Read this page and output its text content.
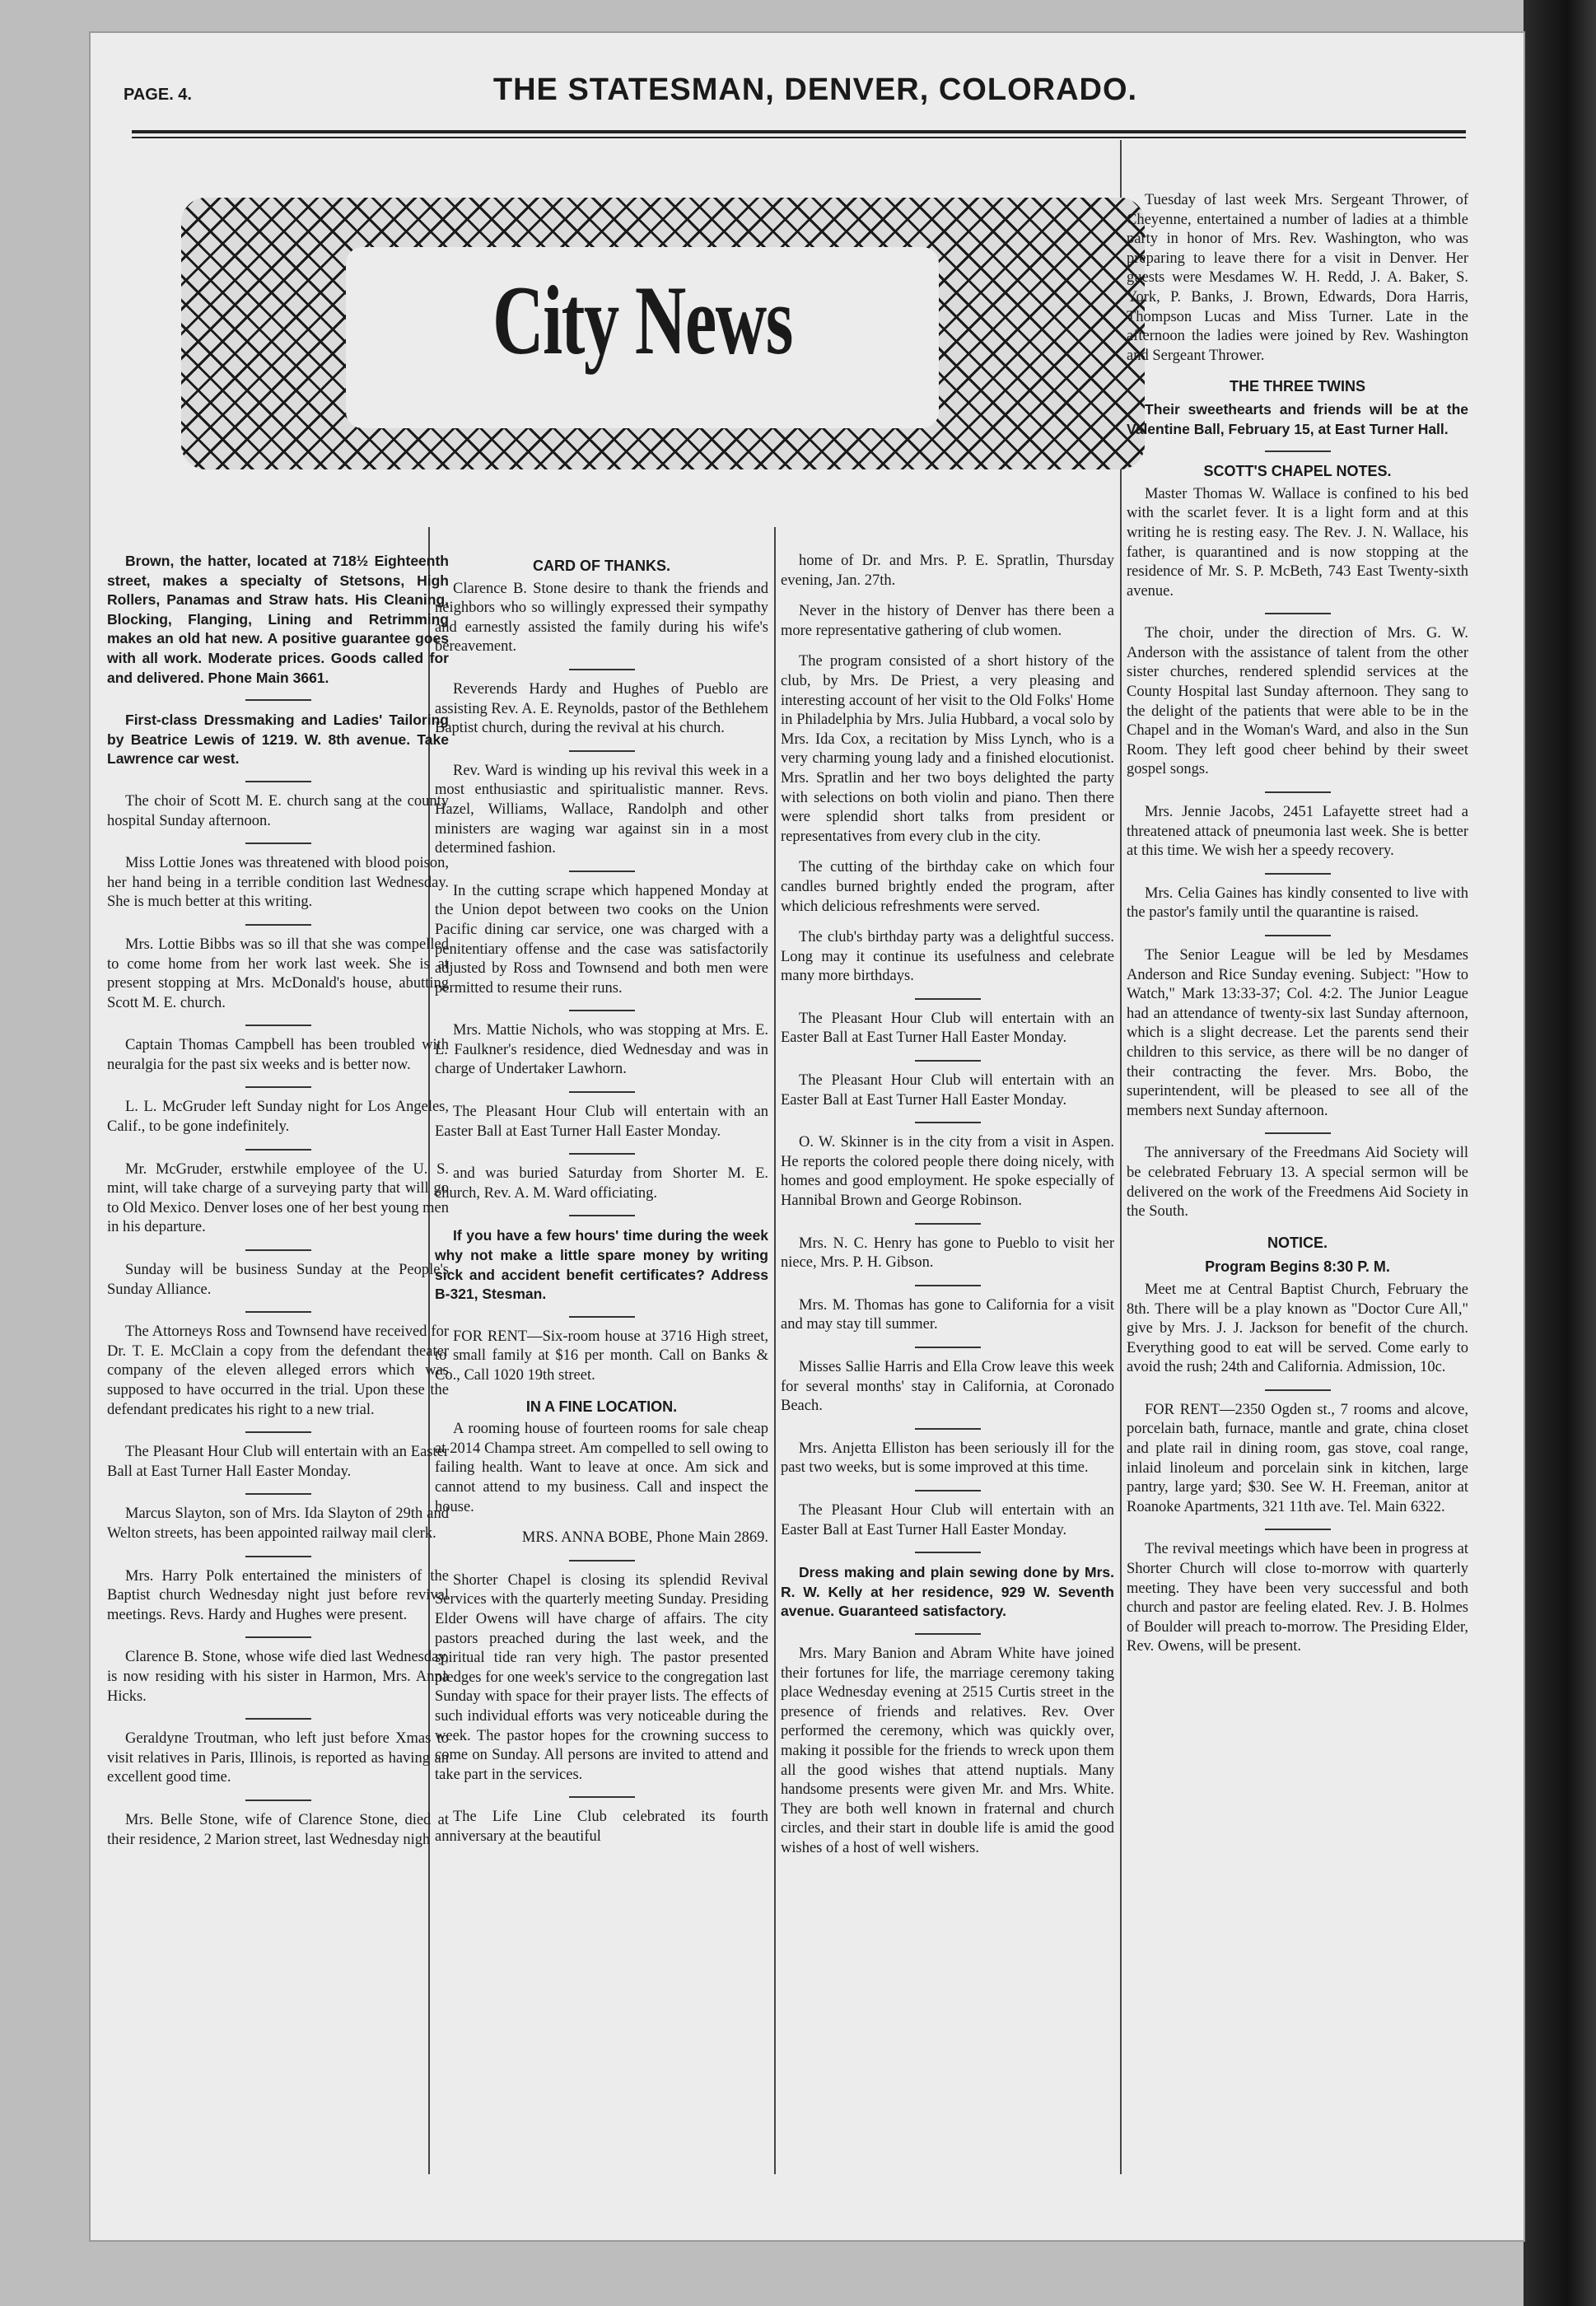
PAGE. 4.	THE STATESMAN, DENVER, COLORADO.
City News

Brown, the hatter, located at 718½ Eighteenth street, makes a specialty of Stetsons, High Rollers, Panamas and Straw hats. His Cleaning, Blocking, Flanging, Lining and Retrimming makes an old hat new. A positive guarantee goes with all work. Moderate prices. Goods called for and delivered. Phone Main 3661.

First-class Dressmaking and Ladies' Tailoring by Beatrice Lewis of 1219. W. 8th avenue. Take Lawrence car west.

The choir of Scott M. E. church sang at the county hospital Sunday afternoon.

Miss Lottie Jones was threatened with blood poison, her hand being in a terrible condition last Wednesday. She is much better at this writing.

Mrs. Lottie Bibbs was so ill that she was compelled to come home from her work last week. She is at present stopping at Mrs. McDonald's house, abutting Scott M. E. church.

Captain Thomas Campbell has been troubled with neuralgia for the past six weeks and is better now.

L. L. McGruder left Sunday night for Los Angeles, Calif., to be gone indefinitely.

Mr. McGruder, erstwhile employee of the U. S. mint, will take charge of a surveying party that will go to Old Mexico. Denver loses one of her best young men in his departure.

Sunday will be business Sunday at the People's Sunday Alliance.

The Attorneys Ross and Townsend have received for Dr. T. E. McClain a copy from the defendant theater company of the eleven alleged errors which was supposed to have occurred in the trial. Upon these the defendant predicates his right to a new trial.

The Pleasant Hour Club will entertain with an Easter Ball at East Turner Hall Easter Monday.

Marcus Slayton, son of Mrs. Ida Slayton of 29th and Welton streets, has been appointed railway mail clerk.

Mrs. Harry Polk entertained the ministers of the Baptist church Wednesday night just before revival meetings. Revs. Hardy and Hughes were present.

Clarence B. Stone, whose wife died last Wednesday, is now residing with his sister in Harmon, Mrs. Anna Hicks.

Geraldyne Troutman, who left just before Xmas to visit relatives in Paris, Illinois, is reported as having an excellent good time.

Mrs. Belle Stone, wife of Clarence Stone, died at their residence, 2 Marion street, last Wednesday nigh

CARD OF THANKS.

Clarence B. Stone desire to thank the friends and neighbors who so willingly expressed their sympathy and earnestly assisted the family during his wife's bereavement.

Reverends Hardy and Hughes of Pueblo are assisting Rev. A. E. Reynolds, pastor of the Bethlehem Baptist church, during the revival at his church.

Rev. Ward is winding up his revival this week in a most enthusiastic and spiritualistic manner. Revs. Hazel, Williams, Wallace, Randolph and other ministers are waging war against sin in a most determined fashion.

In the cutting scrape which happened Monday at the Union depot between two cooks on the Union Pacific dining car service, one was charged with a penitentiary offense and the case was satisfactorily adjusted by Ross and Townsend and both men were permitted to resume their runs.

Mrs. Mattie Nichols, who was stopping at Mrs. E. L. Faulkner's residence, died Wednesday and was in charge of Undertaker Lawhorn.

The Pleasant Hour Club will entertain with an Easter Ball at East Turner Hall Easter Monday.

and was buried Saturday from Shorter M. E. church, Rev. A. M. Ward officiating.

If you have a few hours' time during the week why not make a little spare money by writing sick and accident benefit certificates? Address B-321, Stesman.

FOR RENT—Six-room house at 3716 High street, to small family at $16 per month. Call on Banks & Co., Call 1020 19th street.

IN A FINE LOCATION.

A rooming house of fourteen rooms for sale cheap at 2014 Champa street. Am compelled to sell owing to failing health. Want to leave at once. Am sick and cannot attend to my business. Call and inspect the house.

MRS. ANNA BOBE, Phone Main 2869.

Shorter Chapel is closing its splendid Revival Services with the quarterly meeting Sunday. Presiding Elder Owens will have charge of affairs. The city pastors preached during the last week, and the spiritual tide ran very high. The pastor presented pledges for one week's service to the congregation last Sunday with space for their prayer lists. The effects of such individual efforts was very noticeable during the week. The pastor hopes for the crowning success to come on Sunday. All persons are invited to attend and take part in the services.

The Life Line Club celebrated its fourth anniversary at the beautiful

home of Dr. and Mrs. P. E. Spratlin, Thursday evening, Jan. 27th.

Never in the history of Denver has there been a more representative gathering of club women.

The program consisted of a short history of the club, by Mrs. De Priest, a very pleasing and interesting account of her visit to the Old Folks' Home in Philadelphia by Mrs. Julia Hubbard, a vocal solo by Mrs. Ida Cox, a recitation by Miss Lynch, who is a very charming young lady and a finished elocutionist. Mrs. Spratlin and her two boys delighted the party with selections on both violin and piano. Then there were splendid short talks from president or representatives from every club in the city.

The cutting of the birthday cake on which four candles burned brightly ended the program, after which delicious refreshments were served.

The club's birthday party was a delightful success. Long may it continue its usefulness and celebrate many more birthdays.

The Pleasant Hour Club will entertain with an Easter Ball at East Turner Hall Easter Monday.

The Pleasant Hour Club will entertain with an Easter Ball at East Turner Hall Easter Monday.

O. W. Skinner is in the city from a visit in Aspen. He reports the colored people there doing nicely, with homes and good employment. He spoke especially of Hannibal Brown and George Robinson.

Mrs. N. C. Henry has gone to Pueblo to visit her niece, Mrs. P. H. Gibson.

Mrs. M. Thomas has gone to California for a visit and may stay till summer.

Misses Sallie Harris and Ella Crow leave this week for several months' stay in California, at Coronado Beach.

Mrs. Anjetta Elliston has been seriously ill for the past two weeks, but is some improved at this time.

The Pleasant Hour Club will entertain with an Easter Ball at East Turner Hall Easter Monday.

Dress making and plain sewing done by Mrs. R. W. Kelly at her residence, 929 W. Seventh avenue. Guaranteed satisfactory.

Mrs. Mary Banion and Abram White have joined their fortunes for life, the marriage ceremony taking place Wednesday evening at 2515 Curtis street in the presence of friends and relatives. Rev. Over performed the ceremony, which was quickly over, making it possible for the friends to wreck upon them all the good wishes that attend nuptials. Many handsome presents were given Mr. and Mrs. White. They are both well known in fraternal and church circles, and their start in double life is amid the good wishes of a host of well wishers.

Tuesday of last week Mrs. Sergeant Thrower, of Cheyenne, entertained a number of ladies at a thimble party in honor of Mrs. Rev. Washington, who was preparing to leave there for a visit in Denver. Her guests were Mesdames W. H. Redd, J. A. Baker, S. York, P. Banks, J. Brown, Edwards, Dora Harris, Thompson Lucas and Miss Turner. Late in the afternoon the ladies were joined by Rev. Washington and Sergeant Thrower.

THE THREE TWINS

Their sweethearts and friends will be at the Valentine Ball, February 15, at East Turner Hall.

SCOTT'S CHAPEL NOTES.

Master Thomas W. Wallace is confined to his bed with the scarlet fever. It is a light form and at this writing he is resting easy. The Rev. J. N. Wallace, his father, is quarantined and is now stopping at the residence of Mr. S. P. McBeth, 743 East Twenty-sixth avenue.

The choir, under the direction of Mrs. G. W. Anderson with the assistance of talent from the other sister churches, rendered splendid services at the County Hospital last Sunday afternoon. They sang to the delight of the patients that were able to be in the Chapel and in the Woman's Ward, and also in the Sun Room. They left good cheer behind by their sweet gospel songs.

Mrs. Jennie Jacobs, 2451 Lafayette street had a threatened attack of pneumonia last week. She is better at this time. We wish her a speedy recovery.

Mrs. Celia Gaines has kindly consented to live with the pastor's family until the quarantine is raised.

The Senior League will be led by Mesdames Anderson and Rice Sunday evening. Subject: "How to Watch," Mark 13:33-37; Col. 4:2. The Junior League had an attendance of twenty-six last Sunday afternoon, which is a slight decrease. Let the parents send their children to this service, as there will be no danger of their contracting the fever. Mrs. Bobo, the superintendent, will be pleased to see all of the members next Sunday afternoon.

The anniversary of the Freedmans Aid Society will be celebrated February 13. A special sermon will be delivered on the work of the Freedmens Aid Society in the South.

NOTICE.
Program Begins 8:30 P. M.

Meet me at Central Baptist Church, February the 8th. There will be a play known as "Doctor Cure All," give by Mrs. J. J. Jackson for benefit of the church. Everything good to eat will be served. Come early to avoid the rush; 24th and California. Admission, 10c.

FOR RENT—2350 Ogden st., 7 rooms and alcove, porcelain bath, furnace, mantle and grate, china closet and plate rail in dining room, gas stove, coal range, inlaid linoleum and porcelain sink in kitchen, large pantry, large yard; $30. See W. H. Freeman, anitor at Roanoke Apartments, 321 11th ave. Tel. Main 6322.

The revival meetings which have been in progress at Shorter Church will close to-morrow with quarterly meeting. They have been very successful and both church and pastor are feeling elated. Rev. J. B. Holmes of Boulder will preach to-morrow. The Presiding Elder, Rev. Owens, will be present.
